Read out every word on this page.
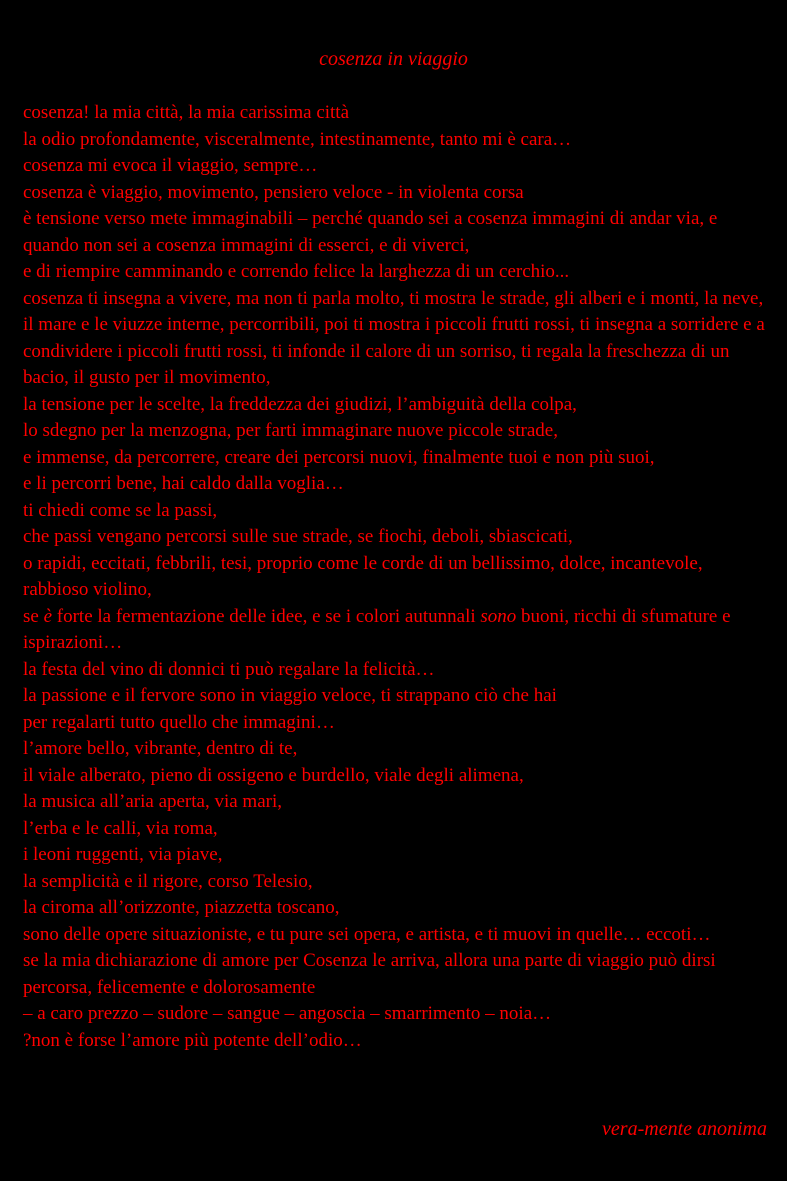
cosenza in viaggio
cosenza! la mia città, la mia carissima città
la odio profondamente, visceralmente, intestinamente, tanto mi è cara…
cosenza mi evoca il viaggio, sempre…
cosenza è viaggio, movimento, pensiero veloce - in violenta corsa
è tensione verso mete immaginabili – perché quando sei a cosenza immagini di andar via, e quando non sei a cosenza immagini di esserci, e di viverci,
e di riempire camminando e correndo felice la larghezza di un cerchio...
cosenza ti insegna a vivere, ma non ti parla molto, ti mostra le strade, gli alberi e i monti, la neve, il mare e le viuzze interne, percorribili, poi ti mostra i piccoli frutti rossi, ti insegna a sorridere e a condividere i piccoli frutti rossi, ti infonde il calore di un sorriso, ti regala la freschezza di un bacio, il gusto per il movimento,
la tensione per le scelte, la freddezza dei giudizi, l’ambiguità della colpa,
lo sdegno per la menzogna, per farti immaginare nuove piccole strade,
e immense, da percorrere, creare dei percorsi nuovi, finalmente tuoi e non più suoi,
e li percorri bene, hai caldo dalla voglia…
ti chiedi come se la passi,
che passi vengano percorsi sulle sue strade, se fiochi, deboli, sbiascicati,
o rapidi, eccitati, febbrili, tesi, proprio come le corde di un bellissimo, dolce, incantevole, rabbioso violino,
se è forte la fermentazione delle idee, e se i colori autunnali sono buoni, ricchi di sfumature e ispirazioni…
la festa del vino di donnici ti può regalare la felicità…
la passione e il fervore sono in viaggio veloce, ti strappano ciò che hai
per regalarti tutto quello che immagini…
l’amore bello, vibrante, dentro di te,
il viale alberato, pieno di ossigeno e burdello, viale degli alimena,
la musica all’aria aperta, via mari,
l’erba e le calli, via roma,
i leoni ruggenti, via piave,
la semplicità e il rigore, corso Telesio,
la ciroma all’orizzonte, piazzetta toscano,
sono delle opere situazioniste, e tu pure sei opera, e artista, e ti muovi in quelle… eccoti…
se la mia dichiarazione di amore per Cosenza le arriva, allora una parte di viaggio può dirsi percorsa, felicemente e dolorosamente
– a caro prezzo – sudore – sangue – angoscia – smarrimento – noia…
?non è forse l’amore più potente dell’odio…
vera-mente anonima
